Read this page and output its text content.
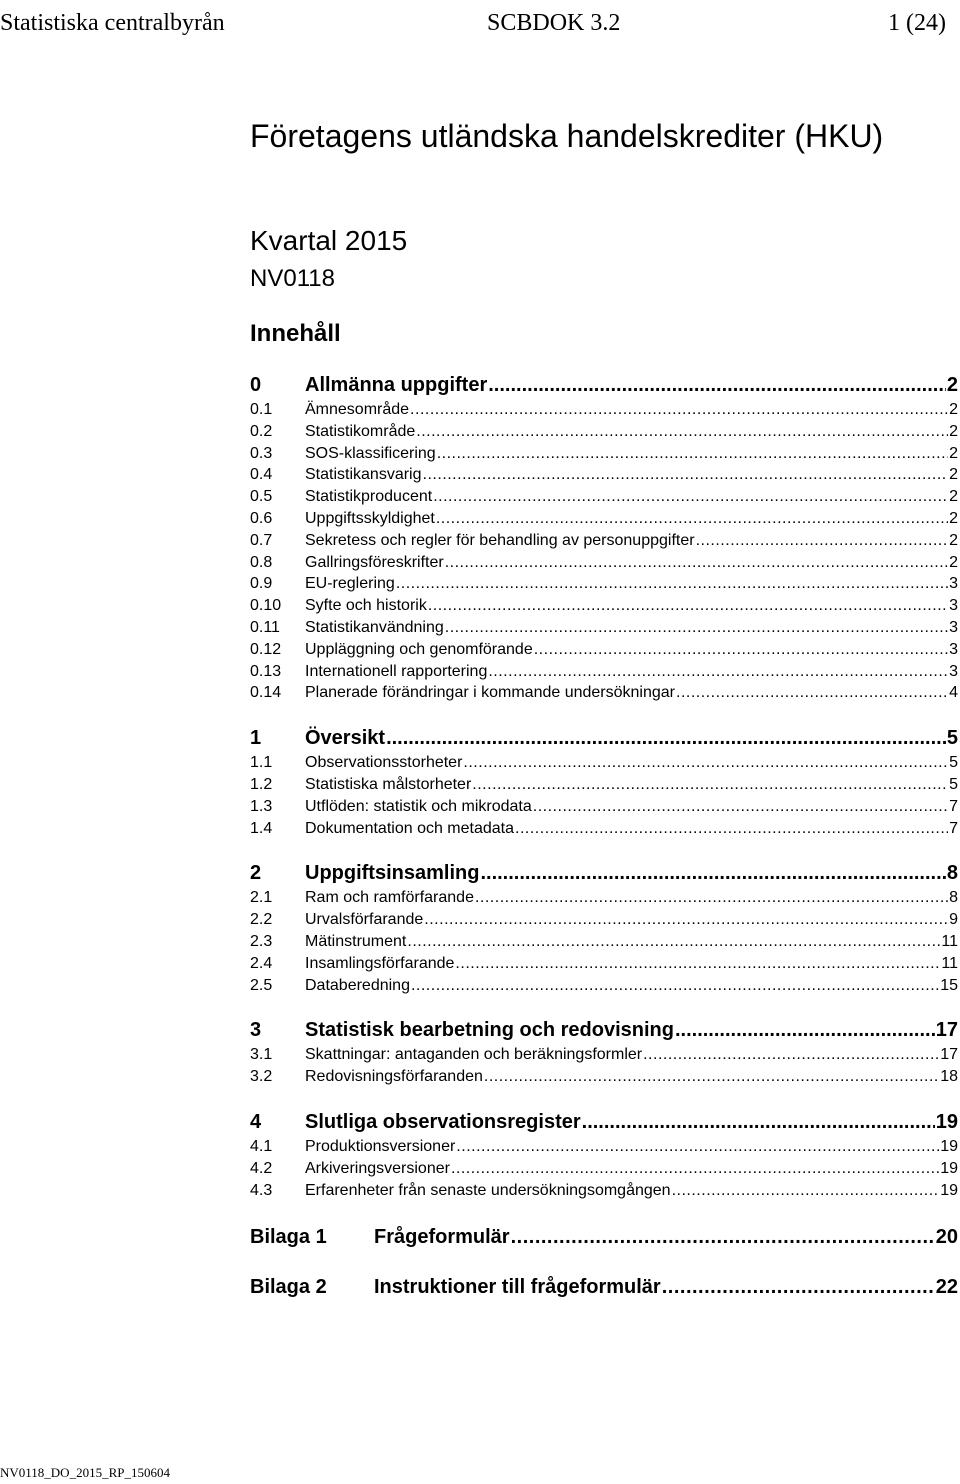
Statistiska centralbyrån	SCBDOK 3.2	1 (24)
Företagens utländska handelskrediter (HKU)
Kvartal 2015
NV0118
Innehåll
0	Allmänna uppgifter .....	2
0.1	Ämnesområde .....	2
0.2	Statistikområde .....	2
0.3	SOS-klassificering .....	2
0.4	Statistikansvarig .....	2
0.5	Statistikproducent .....	2
0.6	Uppgiftsskyldighet .....	2
0.7	Sekretess och regler för behandling av personuppgifter .....	2
0.8	Gallringsföreskrifter .....	2
0.9	EU-reglering .....	3
0.10	Syfte och historik .....	3
0.11	Statistikanvändning .....	3
0.12	Uppläggning och genomförande .....	3
0.13	Internationell rapportering .....	3
0.14	Planerade förändringar i kommande undersökningar .....	4
1	Översikt .....	5
1.1	Observationsstorheter .....	5
1.2	Statistiska målstorheter .....	5
1.3	Utflöden: statistik och mikrodata .....	7
1.4	Dokumentation och metadata .....	7
2	Uppgiftsinsamling .....	8
2.1	Ram och ramförfarande .....	8
2.2	Urvalsförfarande .....	9
2.3	Mätinstrument .....	11
2.4	Insamlingsförfarande .....	11
2.5	Databeredning .....	15
3	Statistisk bearbetning och redovisning .....	17
3.1	Skattningar: antaganden och beräkningsformler .....	17
3.2	Redovisningsförfaranden .....	18
4	Slutliga observationsregister .....	19
4.1	Produktionsversioner .....	19
4.2	Arkiveringsversioner .....	19
4.3	Erfarenheter från senaste undersökningsomgången .....	19
Bilaga 1	Frågeformulär .....	20
Bilaga 2	Instruktioner till frågeformulär .....	22
NV0118_DO_2015_RP_150604
